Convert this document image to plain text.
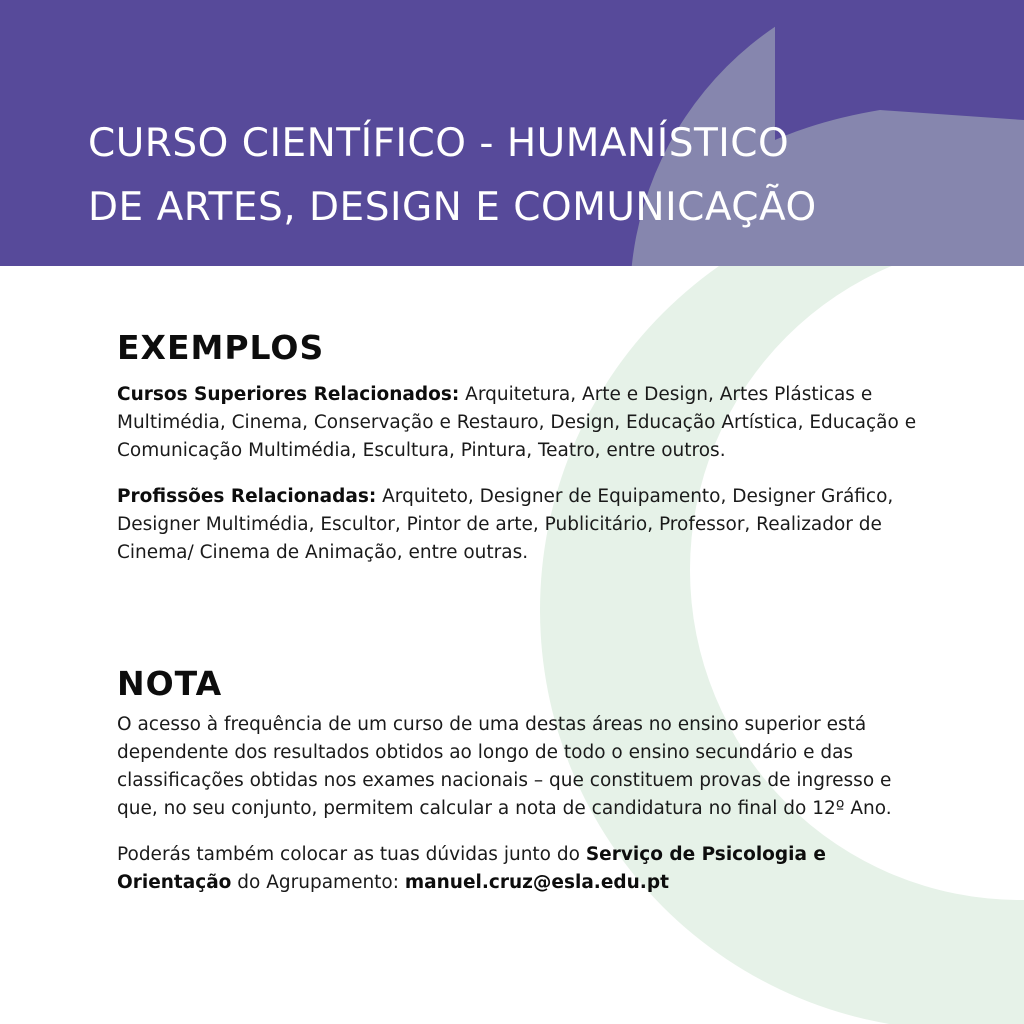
CURSO CIENTÍFICO - HUMANÍSTICO
DE ARTES, DESIGN E COMUNICAÇÃO
EXEMPLOS

Cursos Superiores Relacionados: Arquitetura, Arte e Design, Artes Plásticas e Multimédia, Cinema, Conservação e Restauro, Design, Educação Artística, Educação e Comunicação Multimédia, Escultura, Pintura, Teatro, entre outros.

Profissões Relacionadas: Arquiteto, Designer de Equipamento, Designer Gráfico, Designer Multimédia, Escultor, Pintor de arte, Publicitário, Professor, Realizador de Cinema/ Cinema de Animação, entre outras.

NOTA

O acesso à frequência de um curso de uma destas áreas no ensino superior está dependente dos resultados obtidos ao longo de todo o ensino secundário e das classificações obtidas nos exames nacionais – que constituem provas de ingresso e que, no seu conjunto, permitem calcular a nota de candidatura no final do 12º Ano.

Poderás também colocar as tuas dúvidas junto do Serviço de Psicologia e Orientação do Agrupamento: manuel.cruz@esla.edu.pt
